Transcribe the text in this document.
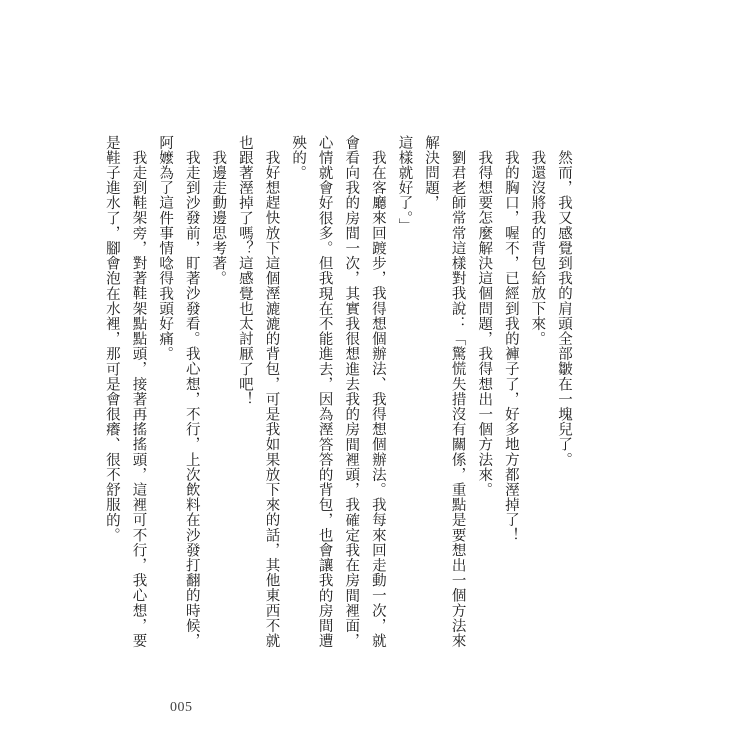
然而，我又感覺到我的肩頭全部皺在一塊兒了。

我還沒將我的背包給放下來。

我的胸口，喔不，已經到我的褲子了，好多地方都溼掉了！

我得想要怎麼解決這個問題，我得想出一個方法來。

劉君老師常常這樣對我說：「驚慌失措沒有關係，重點是要想出一個方法來解決問題，

這樣就好了。」

我在客廳來回踱步，我得想個辦法、我得想個辦法。我每來回走動一次，就會看向我的房間一次，其實我很想進去我的房間裡頭，我確定我在房間裡面，心情就會好很多。但我現在不能進去，因為溼答答的背包，也會讓我的房間遭殃的。

我好想趕快放下這個溼漉漉的背包，可是我如果放下來的話，其他東西不就也跟著溼掉了嗎？這感覺也太討厭了吧！

我邊走動邊思考著。

我走到沙發前，盯著沙發看。我心想，不行，上次飲料在沙發打翻的時候，阿嬤為了這件事情唸得我頭好痛。

我走到鞋架旁，對著鞋架點點頭，接著再搖搖頭，這裡可不行，我心想，要是鞋子進水了，腳會泡在水裡，那可是會很癢、很不舒服的。

005
